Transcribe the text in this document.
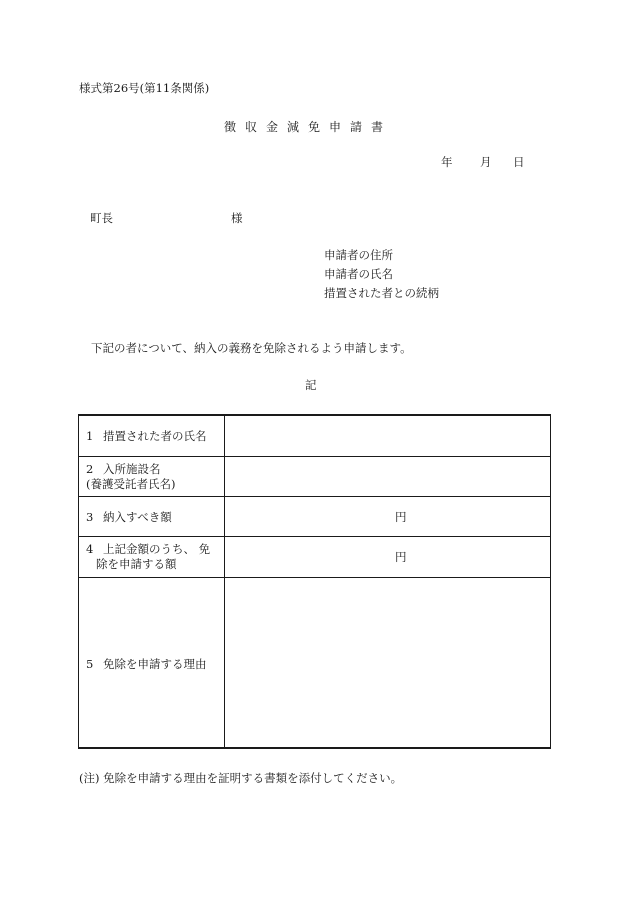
様式第26号(第11条関係)
徴収金減免申請書
年 月 日
町長	様
申請者の住所
申請者の氏名
措置された者との続柄
下記の者について、納入の義務を免除されるよう申請します。
記
1 措置された者の氏名
2 入所施設名
(養護受託者氏名)
3 納入すべき額	円
4 上記金額のうち、 免
除を申請する額	円
5 免除を申請する理由
(注) 免除を申請する理由を証明する書類を添付してください。
